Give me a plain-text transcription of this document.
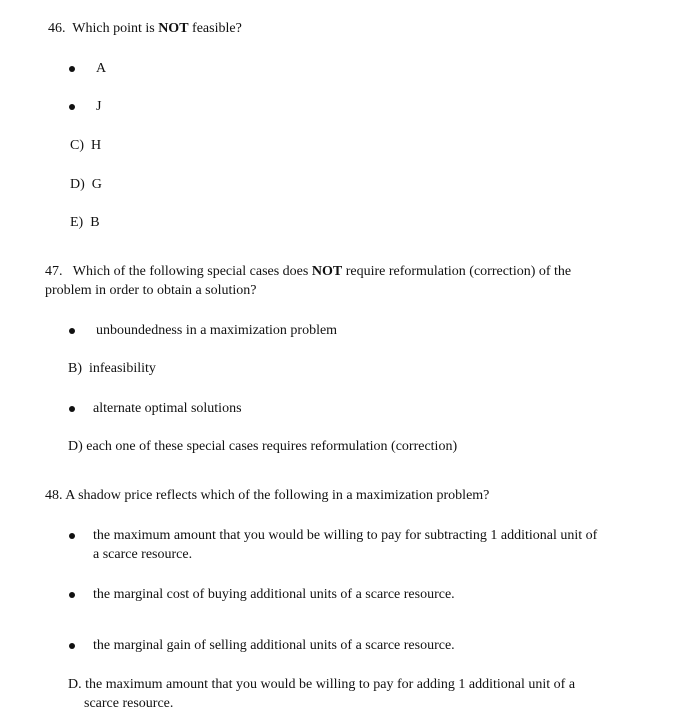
46. Which point is NOT feasible?
A
J
C) H
D) G
E) B
47. Which of the following special cases does NOT require reformulation (correction) of the
problem in order to obtain a solution?
unboundedness in a maximization problem
B) infeasibility
alternate optimal solutions
D) each one of these special cases requires reformulation (correction)
48. A shadow price reflects which of the following in a maximization problem?
the maximum amount that you would be willing to pay for subtracting 1 additional unit of
a scarce resource.
the marginal cost of buying additional units of a scarce resource.
the marginal gain of selling additional units of a scarce resource.
D. the maximum amount that you would be willing to pay for adding 1 additional unit of a
scarce resource.
